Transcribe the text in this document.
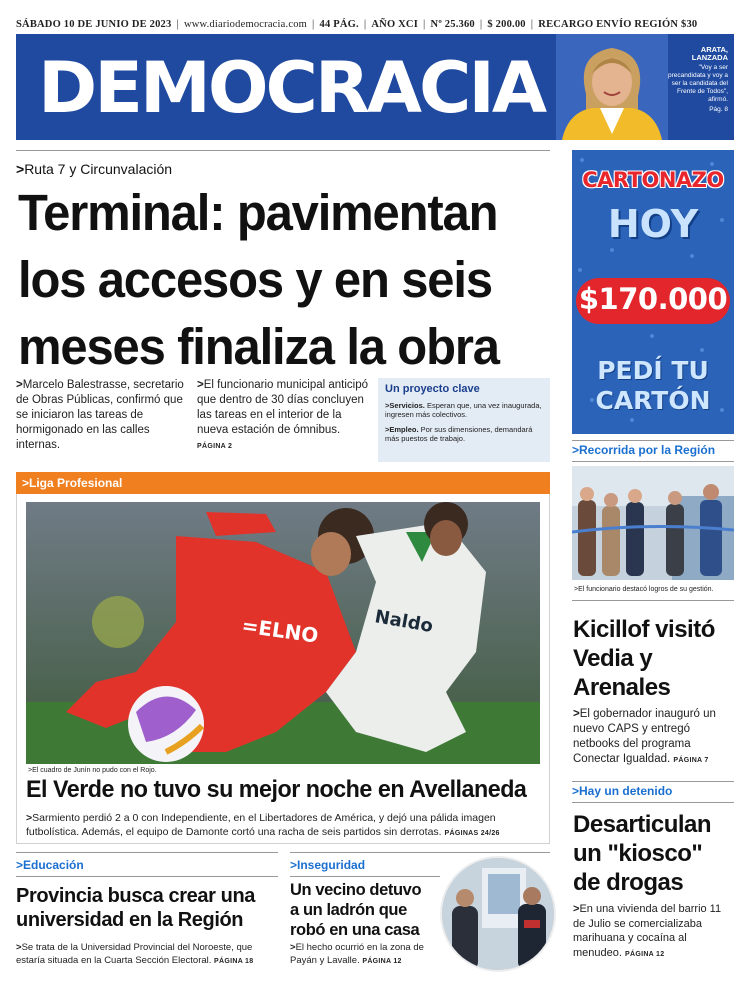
SÁBADO 10 DE JUNIO DE 2023 | www.diariodemocracia.com | 44 PÁG. | AÑO XCI | Nº 25.360 | $ 200.00 | RECARGO ENVÍO REGIÓN $30
DEMOCRACIA	ARATA, LANZADA
"Voy a ser precandidata y voy a ser la candidata del Frente de Todos", afirmó.
Pág. 8
>Ruta 7 y Circunvalación
Terminal: pavimentan
los accesos y en seis
meses finaliza la obra
>Marcelo Balestrasse, secretario de Obras Públicas, confirmó que se iniciaron las tareas de hormigonado en las calles internas.
>El funcionario municipal anticipó que dentro de 30 días concluyen las tareas en el interior de la nueva estación de ómnibus. PÁGINA 2
Un proyecto clave

>Servicios. Esperan que, una vez inaugurada, ingresen más colectivos.

>Empleo. Por sus dimensiones, demandará más puestos de trabajo.

CARTONAZO
HOY
$170.000
PEDÍ TU
CARTÓN
>Liga Profesional
=ELNO	Naldo
>El cuadro de Junín no pudo con el Rojo.
El Verde no tuvo su mejor noche en Avellaneda
>Sarmiento perdió 2 a 0 con Independiente, en el Libertadores de América, y dejó una pálida imagen futbolística. Además, el equipo de Damonte cortó una racha de seis partidos sin derrotas. PÁGINAS 24/26
>Recorrida por la Región
>El funcionario destacó logros de su gestión.
Kicillof visitó
Vedia y
Arenales
>El gobernador inauguró un nuevo CAPS y entregó netbooks del programa Conectar Igualdad. PÁGINA 7
>Hay un detenido
Desarticulan
un "kiosco"
de drogas
>En una vivienda del barrio 11 de Julio se comercializaba marihuana y cocaína al menudeo. PÁGINA 12
>Educación
Provincia busca crear una
universidad en la Región
>Se trata de la Universidad Provincial del Noroeste, que estaría situada en la Cuarta Sección Electoral. PÁGINA 18
>Inseguridad
Un vecino detuvo
a un ladrón que
robó en una casa
>El hecho ocurrió en la zona de Payán y Lavalle. PÁGINA 12
